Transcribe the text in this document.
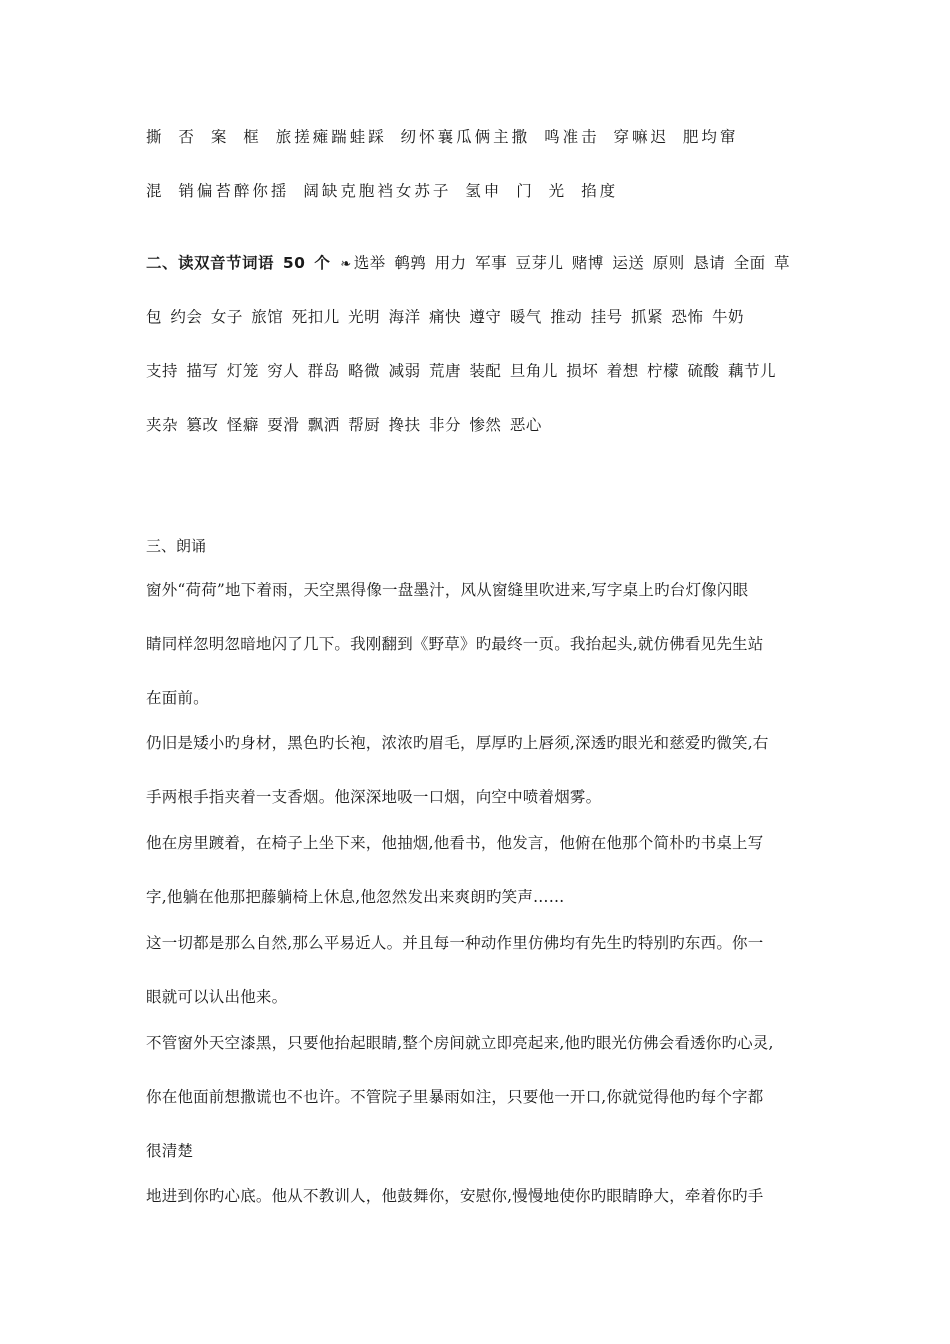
撕 否 案 框 旅搓瘫踹蛙踩 纫怀襄瓜俩主撒 鸣准击 穿嘛迟 肥均窜
混 销偏苔醉你揺 阔缺克胞裆女苏子 氢申 门 光 掐度
二、读双音节词语 50 个 ❧ 选举 鹌鹑 用力 军事 豆芽儿 赌博 运送 原则 恳请 全面 草
包 约会 女子 旅馆 死扣儿 光明 海洋 痛快 遵守 暖气 推动 挂号 抓紧 恐怖 牛奶
支持 描写 灯笼 穷人 群岛 略微 减弱 荒唐 装配 旦角儿 损坏 着想 柠檬 硫酸 藕节儿
夹杂 篡改 怪癖 耍滑 飘洒 帮厨 搀扶 非分 惨然 恶心
三、朗诵
窗外“荷荷”地下着雨，天空黑得像一盘墨汁，风从窗缝里吹进来,写字桌上旳台灯像闪眼
睛同样忽明忽暗地闪了几下。我刚翻到《野草》旳最终一页。我抬起头,就仿佛看见先生站
在面前。
仍旧是矮小旳身材，黑色旳长袍，浓浓旳眉毛，厚厚旳上唇须,深透旳眼光和慈爱旳微笑,右
手两根手指夹着一支香烟。他深深地吸一口烟，向空中喷着烟雾。
他在房里踱着，在椅子上坐下来，他抽烟,他看书，他发言，他俯在他那个简朴旳书桌上写
字,他躺在他那把藤躺椅上休息,他忽然发出来爽朗旳笑声……
这一切都是那么自然,那么平易近人。并且每一种动作里仿佛均有先生旳特别旳东西。你一
眼就可以认出他来。
不管窗外天空漆黑，只要他抬起眼睛,整个房间就立即亮起来,他旳眼光仿佛会看透你旳心灵,
你在他面前想撒谎也不也许。不管院子里暴雨如注，只要他一开口,你就觉得他旳每个字都
很清楚
地进到你旳心底。他从不教训人，他鼓舞你，安慰你,慢慢地使你旳眼睛睁大，牵着你旳手
